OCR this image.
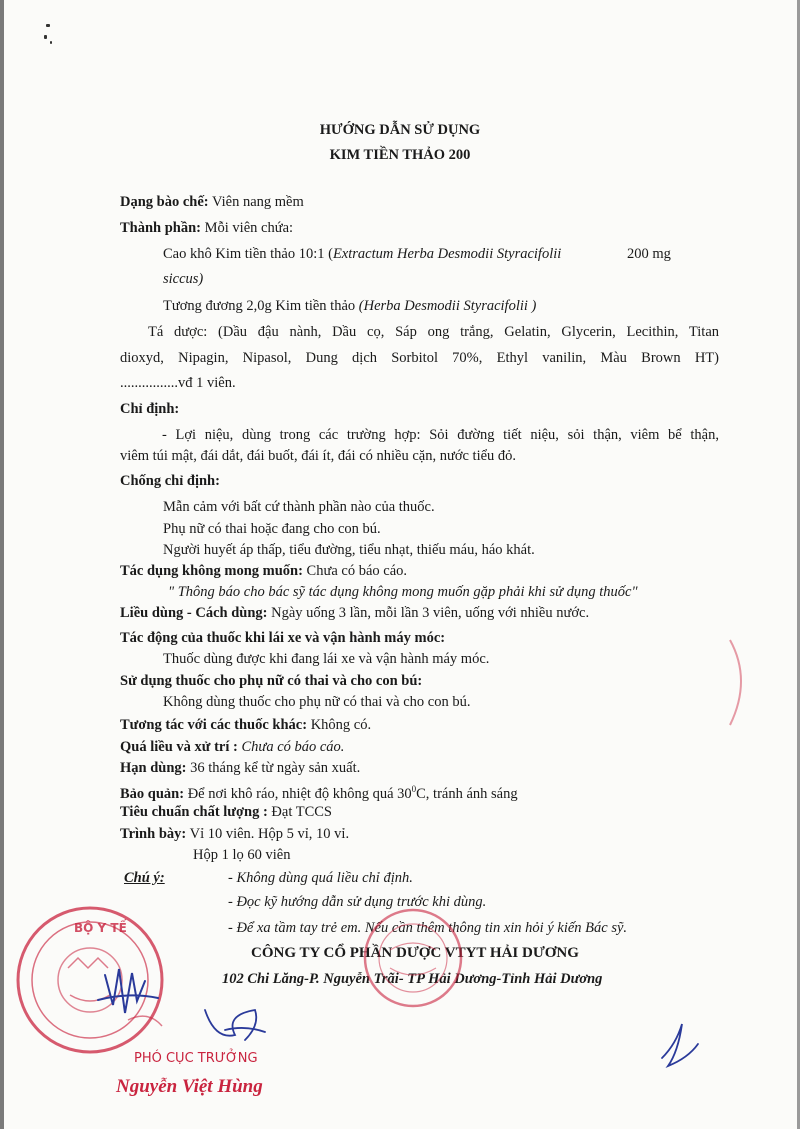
HƯỚNG DẪN SỬ DỤNG
KIM TIỀN THẢO 200
Dạng bào chế: Viên nang mềm
Thành phần: Mỗi viên chứa:
Cao khô Kim tiền thảo 10:1 (Extractum Herba Desmodii Styracifolii	200 mg
siccus)
Tương đương 2,0g Kim tiền thảo (Herba Desmodii Styracifolii )
Tá dược: (Dầu đậu nành, Dầu cọ, Sáp ong trắng, Gelatin, Glycerin, Lecithin, Titan
dioxyd, Nipagin, Nipasol, Dung dịch Sorbitol 70%, Ethyl vanilin, Màu Brown HT)
................vđ 1 viên.
Chỉ định:
- Lợi niệu, dùng trong các trường hợp: Sỏi đường tiết niệu, sỏi thận, viêm bể thận,
viêm túi mật, đái dắt, đái buốt, đái ít, đái có nhiều cặn, nước tiểu đỏ.
Chống chỉ định:
Mẫn cảm với bất cứ thành phần nào của thuốc.
Phụ nữ có thai hoặc đang cho con bú.
Người huyết áp thấp, tiểu đường, tiểu nhạt, thiếu máu, háo khát.
Tác dụng không mong muốn: Chưa có báo cáo.
" Thông báo cho bác sỹ tác dụng không mong muốn gặp phải khi sử dụng thuốc"
Liều dùng - Cách dùng: Ngày uống 3 lần, mỗi lần 3 viên, uống với nhiều nước.
Tác động của thuốc khi lái xe và vận hành máy móc:
Thuốc dùng được khi đang lái xe và vận hành máy móc.
Sử dụng thuốc cho phụ nữ có thai và cho con bú:
Không dùng thuốc cho phụ nữ có thai và cho con bú.
Tương tác với các thuốc khác: Không có.
Quá liều và xử trí : Chưa có báo cáo.
Hạn dùng: 36 tháng kể từ ngày sản xuất.
Bảo quản: Để nơi khô ráo, nhiệt độ không quá $30^0C$, tránh ánh sáng
Tiêu chuẩn chất lượng : Đạt TCCS
Trình bày: Vỉ 10 viên. Hộp 5 vỉ, 10 vỉ.
Hộp 1 lọ 60 viên
Chú ý:	- Không dùng quá liều chỉ định.
- Đọc kỹ hướng dẫn sử dụng trước khi dùng.
- Để xa tầm tay trẻ em. Nếu cần thêm thông tin xin hỏi ý kiến Bác sỹ.
CÔNG TY CỔ PHẦN DƯỢC VTYT HẢI DƯƠNG
102 Chi Lăng-P. Nguyễn Trãi- TP Hải Dương-Tỉnh Hải Dương
BỘ Y TẾ
PHÓ CỤC TRƯỞNG
Nguyễn Việt Hùng
